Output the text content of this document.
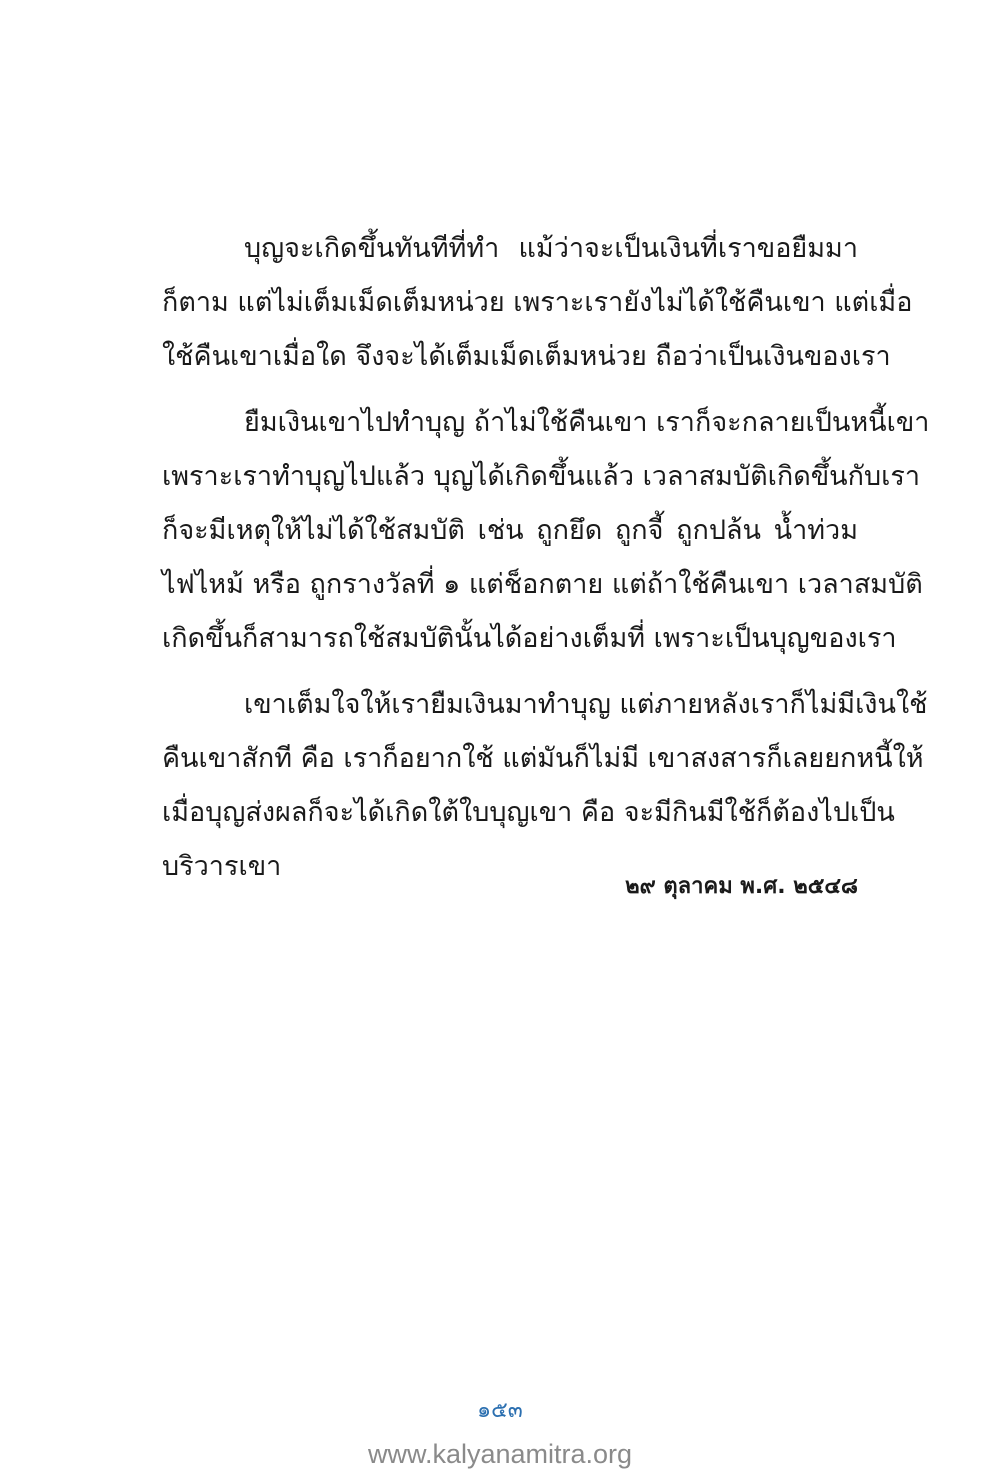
บุญจะเกิดขึ้นทันทีที่ทำ แม้ว่าจะเป็นเงินที่เราขอยืมมา
ก็ตาม แต่ไม่เต็มเม็ดเต็มหน่วย เพราะเรายังไม่ได้ใช้คืนเขา แต่เมื่อ
ใช้คืนเขาเมื่อใด จึงจะได้เต็มเม็ดเต็มหน่วย ถือว่าเป็นเงินของเรา
ยืมเงินเขาไปทำบุญ ถ้าไม่ใช้คืนเขา เราก็จะกลายเป็นหนี้เขา
เพราะเราทำบุญไปแล้ว บุญได้เกิดขึ้นแล้ว เวลาสมบัติเกิดขึ้นกับเรา
ก็จะมีเหตุให้ไม่ได้ใช้สมบัติ เช่น ถูกยึด ถูกจี้ ถูกปล้น น้ำท่วม
ไฟไหม้ หรือ ถูกรางวัลที่ ๑ แต่ช็อกตาย แต่ถ้าใช้คืนเขา เวลาสมบัติ
เกิดขึ้นก็สามารถใช้สมบัตินั้นได้อย่างเต็มที่ เพราะเป็นบุญของเรา
เขาเต็มใจให้เรายืมเงินมาทำบุญ แต่ภายหลังเราก็ไม่มีเงินใช้
คืนเขาสักที คือ เราก็อยากใช้ แต่มันก็ไม่มี เขาสงสารก็เลยยกหนี้ให้
เมื่อบุญส่งผลก็จะได้เกิดใต้ใบบุญเขา คือ จะมีกินมีใช้ก็ต้องไปเป็น
บริวารเขา
๒๙ ตุลาคม พ.ศ. ๒๕๔๘
๑๕๓
www.kalyanamitra.org
